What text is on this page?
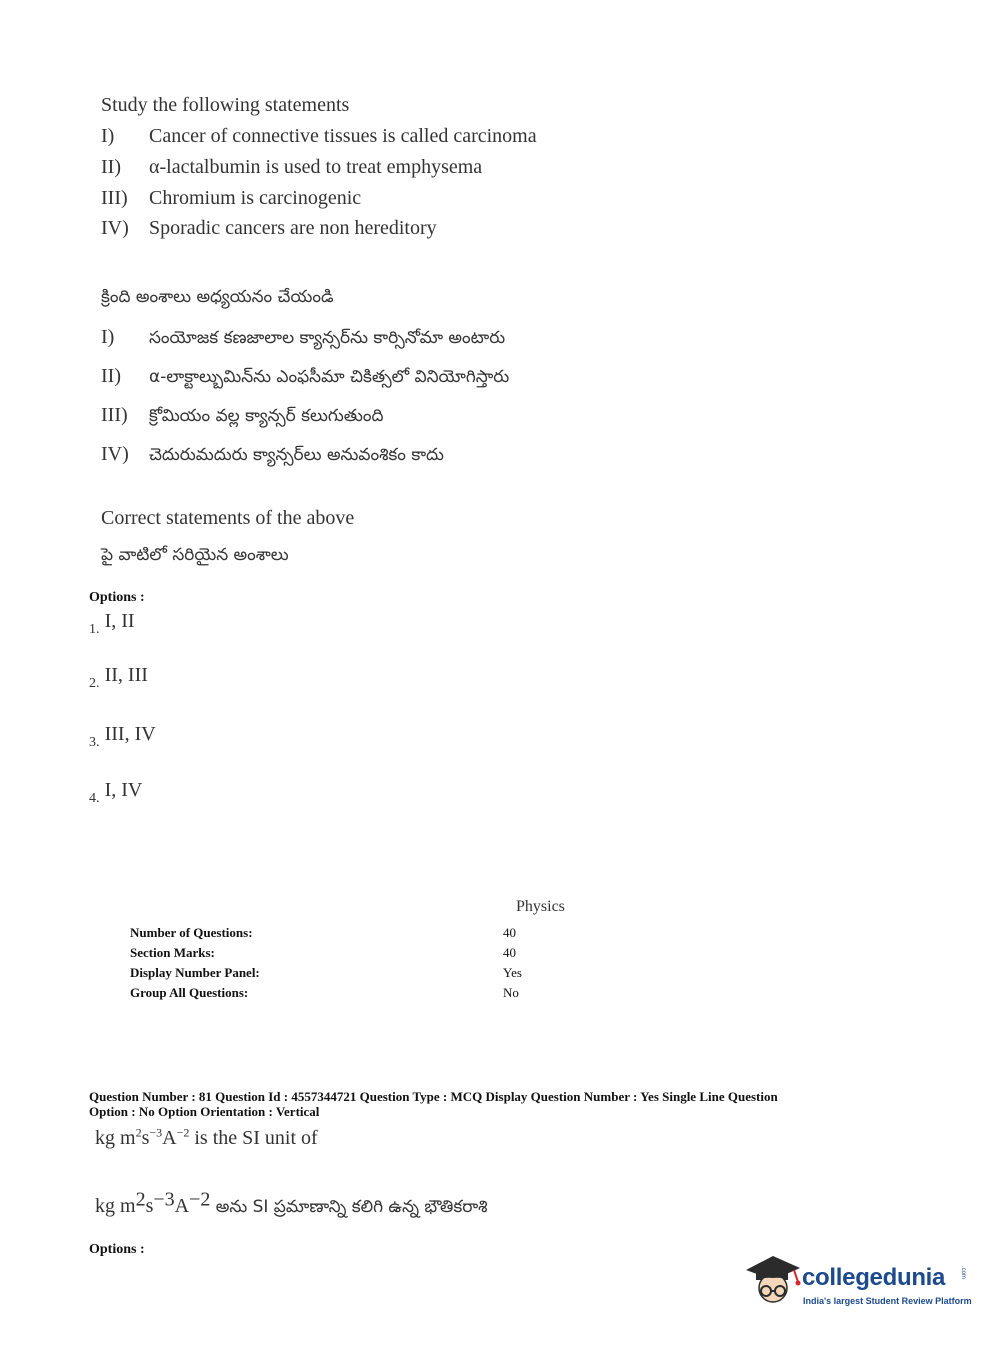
Study the following statements
I) Cancer of connective tissues is called carcinoma
II) α-lactalbumin is used to treat emphysema
III) Chromium is carcinogenic
IV) Sporadic cancers are non hereditory
క్రింది అంశాలు అధ్యయనం చేయండి
I) సంయోజక కణజాలాల క్యాన్సర్‌ను కార్సినోమా అంటారు
II) α-లాక్టాల్బుమిన్‌ను ఎంఫసీమా చికిత్సలో వినియోగిస్తారు
III) క్రోమియం వల్ల క్యాన్సర్ కలుగుతుంది
IV) చెదురుమదురు క్యాన్సర్‌లు అనువంశికం కాదు
Correct statements of the above
పై వాటిలో సరియైన అంశాలు
Options :
1. I, II
2. II, III
3. III, IV
4. I, IV
Physics
Number of Questions:	40
Section Marks:	40
Display Number Panel:	Yes
Group All Questions:	No
Question Number : 81 Question Id : 4557344721 Question Type : MCQ Display Question Number : Yes Single Line Question
Option : No Option Orientation : Vertical
kg $m^2s^{-3}A^{-2}$ is the SI unit of
kg $m^2s^{-3}A^{-2}$ అను SI ప్రమాణాన్ని కలిగి ఉన్న భౌతికరాశి
Options :
collegedunia .com
India's largest Student Review Platform
